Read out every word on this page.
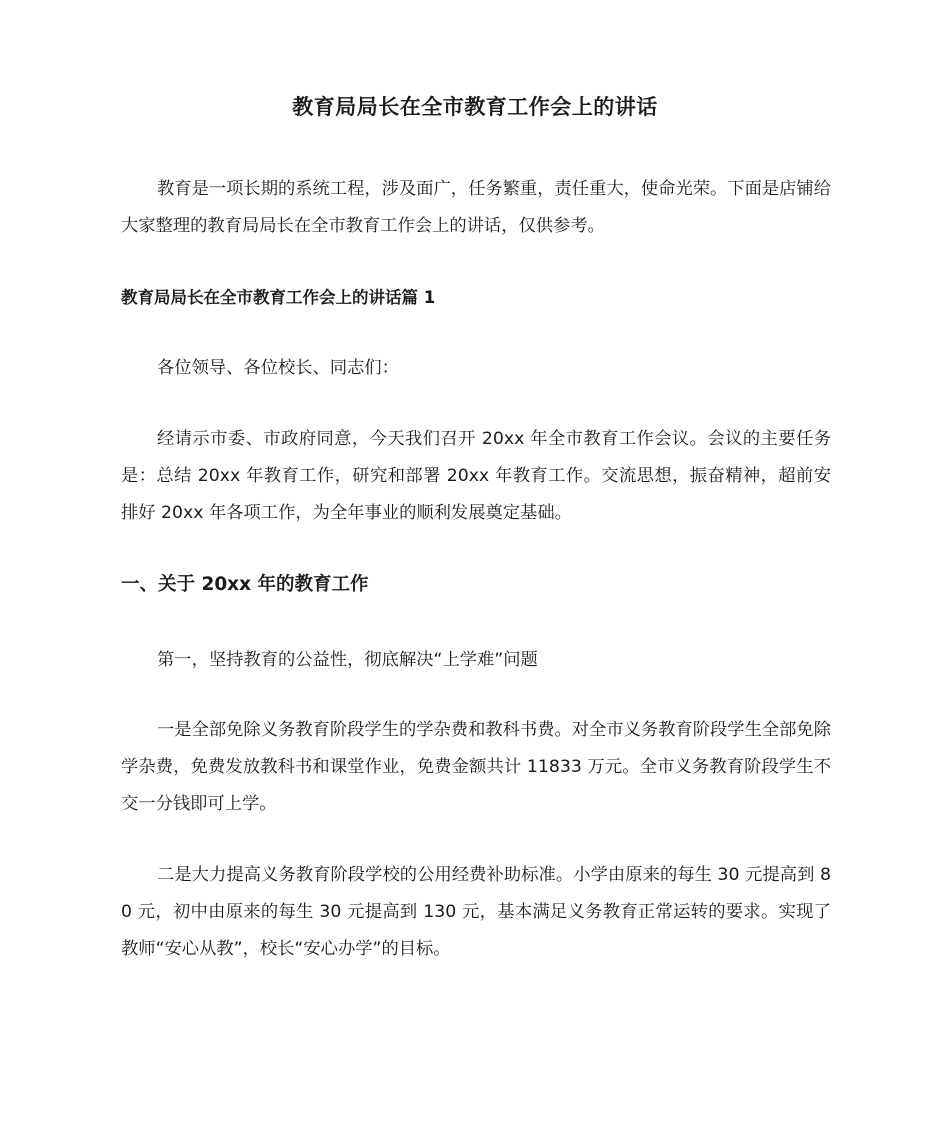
教育局局长在全市教育工作会上的讲话

教育是一项长期的系统工程，涉及面广，任务繁重，责任重大，使命光荣。下面是店铺给大家整理的教育局局长在全市教育工作会上的讲话，仅供参考。

教育局局长在全市教育工作会上的讲话篇 1

各位领导、各位校长、同志们：

经请示市委、市政府同意，今天我们召开 20xx 年全市教育工作会议。会议的主要任务是：总结 20xx 年教育工作，研究和部署 20xx 年教育工作。交流思想，振奋精神，超前安排好 20xx 年各项工作，为全年事业的顺利发展奠定基础。

一、关于 20xx 年的教育工作

第一，坚持教育的公益性，彻底解决“上学难”问题

一是全部免除义务教育阶段学生的学杂费和教科书费。对全市义务教育阶段学生全部免除学杂费，免费发放教科书和课堂作业，免费金额共计 11833 万元。全市义务教育阶段学生不交一分钱即可上学。

二是大力提高义务教育阶段学校的公用经费补助标准。小学由原来的每生 30 元提高到 80 元，初中由原来的每生 30 元提高到 130 元，基本满足义务教育正常运转的要求。实现了教师“安心从教”，校长“安心办学”的目标。
